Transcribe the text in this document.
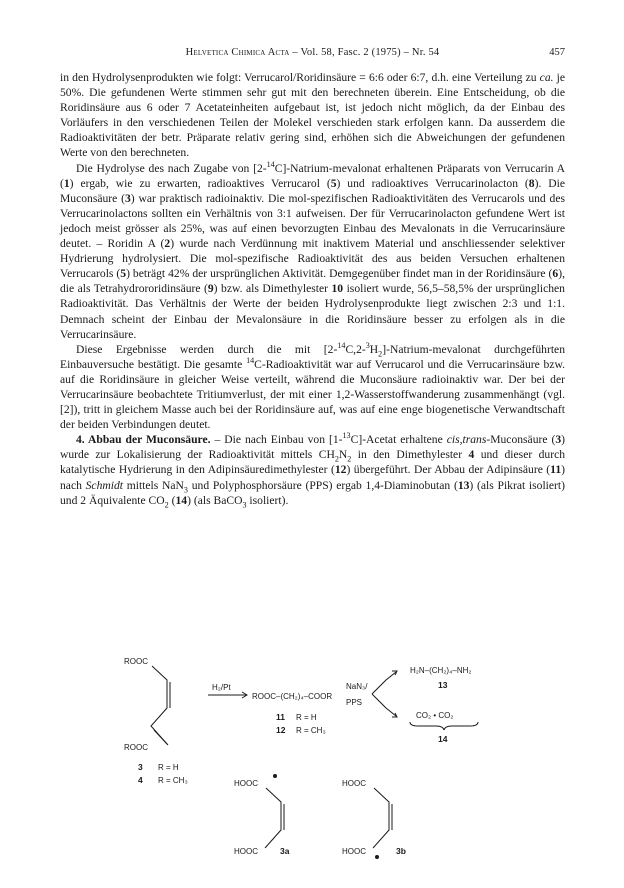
Helvetica Chimica Acta – Vol. 58, Fasc. 2 (1975) – Nr. 54	457

in den Hydrolysenprodukten wie folgt: Verrucarol/Roridinsäure = 6:6 oder 6:7, d.h. eine Verteilung zu ca. je 50%. Die gefundenen Werte stimmen sehr gut mit den berechneten überein. Eine Entscheidung, ob die Roridinsäure aus 6 oder 7 Acetateinheiten aufgebaut ist, ist jedoch nicht möglich, da der Einbau des Vorläufers in den verschiedenen Teilen der Molekel verschieden stark erfolgen kann. Da ausserdem die Radioaktivitäten der betr. Präparate relativ gering sind, erhöhen sich die Abweichungen der gefundenen Werte von den berechneten.

Die Hydrolyse des nach Zugabe von [2-$^{14}$C]-Natrium-mevalonat erhaltenen Präparats von Verrucarin A (1) ergab, wie zu erwarten, radioaktives Verrucarol (5) und radioaktives Verrucarinolacton (8). Die Muconsäure (3) war praktisch radioinaktiv. Die mol-spezifischen Radioaktivitäten des Verrucarols und des Verrucarinolactons sollten ein Verhältnis von 3:1 aufweisen. Der für Verrucarinolacton gefundene Wert ist jedoch meist grösser als 25%, was auf einen bevorzugten Einbau des Mevalonats in die Verrucarinsäure deutet. – Roridin A (2) wurde nach Verdünnung mit inaktivem Material und anschliessender selektiver Hydrierung hydrolysiert. Die mol-spezifische Radioaktivität des aus beiden Versuchen erhaltenen Verrucarols (5) beträgt 42% der ursprünglichen Aktivität. Demgegenüber findet man in der Roridinsäure (6), die als Tetrahydrororidinsäure (9) bzw. als Dimethylester 10 isoliert wurde, 56,5–58,5% der ursprünglichen Radioaktivität. Das Verhältnis der Werte der beiden Hydrolysenprodukte liegt zwischen 2:3 und 1:1. Demnach scheint der Einbau der Mevalonsäure in die Roridinsäure besser zu erfolgen als in die Verrucarinsäure.

Diese Ergebnisse werden durch die mit $[2-^{14}C,2-^3H_2]-Natrium$-mevalonat durchgeführten Einbauversuche bestätigt. Die gesamte $^{14}$C-Radioaktivität war auf Verrucarol und die Verrucarinsäure bzw. auf die Roridinsäure in gleicher Weise verteilt, während die Muconsäure radioinaktiv war. Der bei der Verrucarinsäure beobachtete Tritiumverlust, der mit einer 1,2-Wasserstoffwanderung zusammenhängt (vgl. [2]), tritt in gleichem Masse auch bei der Roridinsäure auf, was auf eine enge biogenetische Verwandtschaft der beiden Verbindungen deutet.

4. Abbau der Muconsäure. – Die nach Einbau von [1-$^{13}$C]-Acetat erhaltene cis,trans-Muconsäure (3) wurde zur Lokalisierung der Radioaktivität mittels $CH_2N_2$ in den Dimethylester 4 und dieser durch katalytische Hydrierung in den Adipinsäuredimethylester (12) übergeführt. Der Abbau der Adipinsäure (11) nach Schmidt mittels NaN$_3$ und Polyphosphorsäure (PPS) ergab 1,4-Diaminobutan (13) (als Pikrat isoliert) und 2 Äquivalente $CO_2$ (14) (als BaCO$_3$ isoliert).

ROOC
ROOC
3 R = H
4 R = CH₃
H₂/Pt
ROOC–(CH₂)₄–COOR
11 R = H
12 R = CH₃
NaN₃/
PPS
H₂N–(CH₂)₄–NH₂
13
CO₂ • CO₂
14
HOOC
HOOC	3a
HOOC
HOOC	3b
